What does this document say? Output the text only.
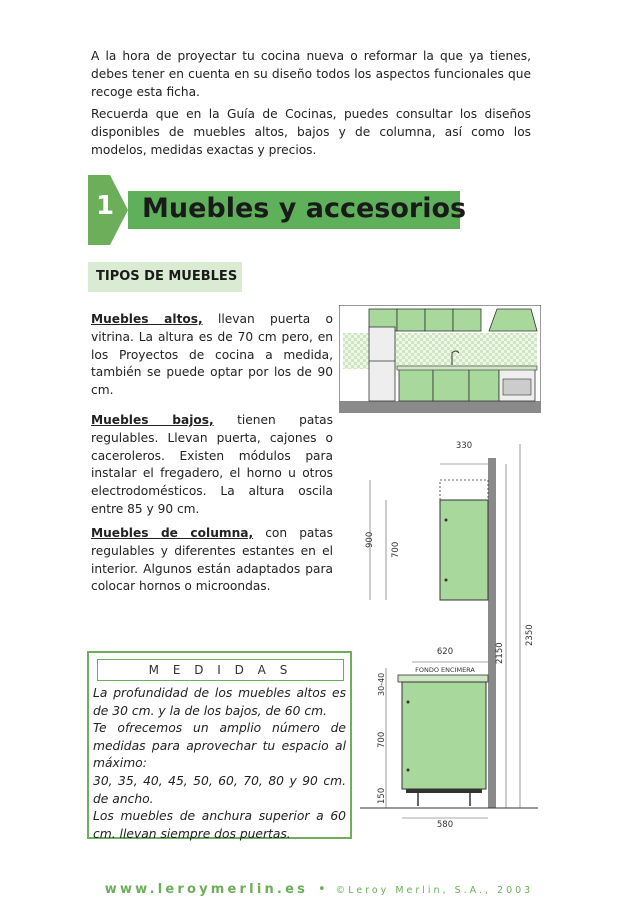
A la hora de proyectar tu cocina nueva o reformar la que ya tienes, debes tener en cuenta en su diseño todos los aspectos funcionales que recoge esta ficha.

Recuerda que en la Guía de Cocinas, puedes consultar los diseños disponibles de muebles altos, bajos y de columna, así como los modelos, medidas exactas y precios.

1 Muebles y accesorios
TIPOS DE MUEBLES

Muebles altos, llevan puerta o vitrina. La altura es de 70 cm pero, en los Proyectos de cocina a medida, también se puede optar por los de 90 cm.

Muebles bajos, tienen patas regulables. Llevan puerta, cajones o caceroleros. Existen módulos para instalar el fregadero, el horno u otros electrodomésticos. La altura oscila entre 85 y 90 cm.

Muebles de columna, con patas regulables y diferentes estantes en el interior. Algunos están adaptados para colocar hornos o microondas.

330
900
700
620
FONDO ENCIMERA
30-40
2150
2350
700
150
580
M E D I D A S
La profundidad de los muebles altos es de 30 cm. y la de los bajos, de 60 cm.
Te ofrecemos un amplio número de medidas para aprovechar tu espacio al máximo:
30, 35, 40, 45, 50, 60, 70, 80 y 90 cm. de ancho.
Los muebles de anchura superior a 60 cm. llevan siempre dos puertas.
www.leroymerlin.es • ©Leroy Merlin, S.A., 2003
